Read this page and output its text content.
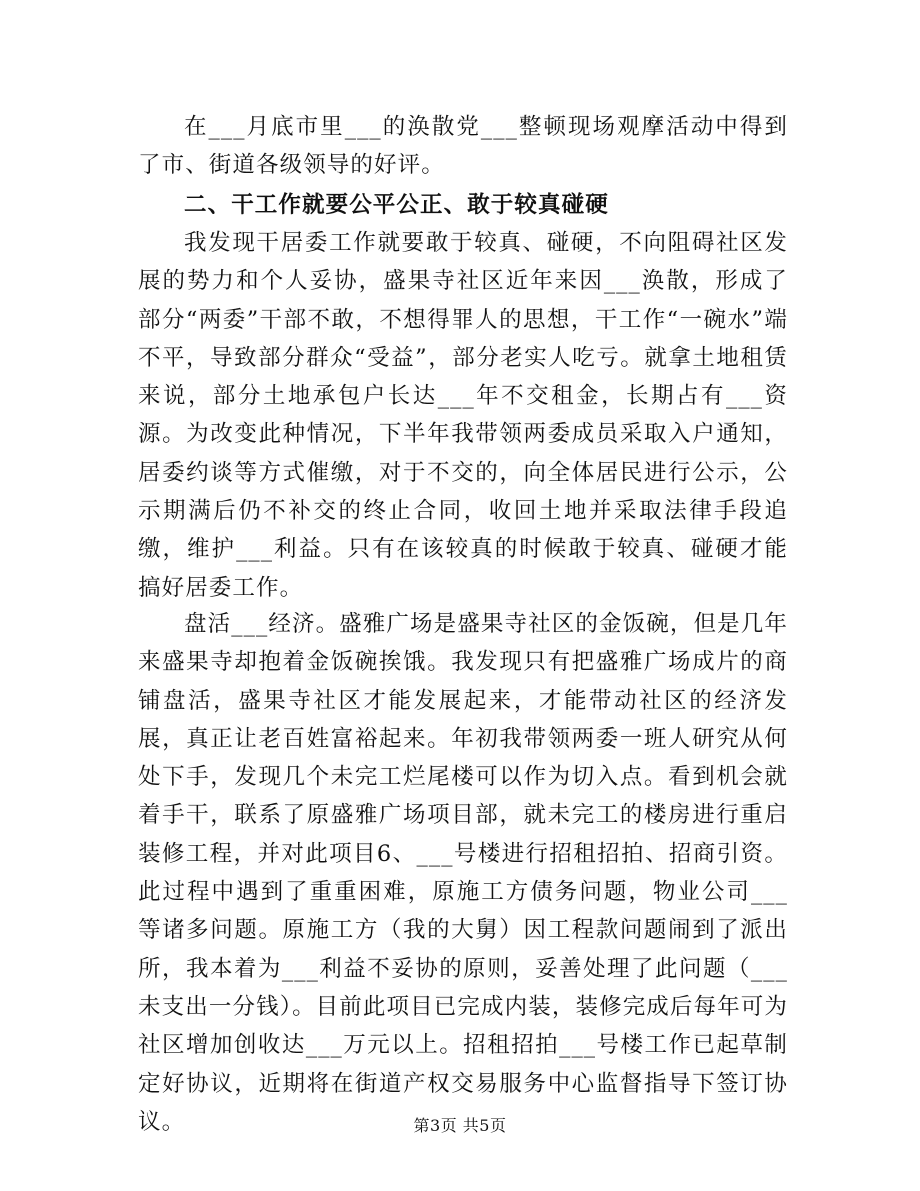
在___月底市里___的涣散党___整顿现场观摩活动中得到了市、街道各级领导的好评。

二、干工作就要公平公正、敢于较真碰硬

我发现干居委工作就要敢于较真、碰硬，不向阻碍社区发展的势力和个人妥协，盛果寺社区近年来因___涣散，形成了部分“两委”干部不敢，不想得罪人的思想，干工作“一碗水”端不平，导致部分群众“受益”，部分老实人吃亏。就拿土地租赁来说，部分土地承包户长达___年不交租金，长期占有___资源。为改变此种情况，下半年我带领两委成员采取入户通知，居委约谈等方式催缴，对于不交的，向全体居民进行公示，公示期满后仍不补交的终止合同，收回土地并采取法律手段追缴，维护___利益。只有在该较真的时候敢于较真、碰硬才能搞好居委工作。

盘活___经济。盛雅广场是盛果寺社区的金饭碗，但是几年来盛果寺却抱着金饭碗挨饿。我发现只有把盛雅广场成片的商铺盘活，盛果寺社区才能发展起来，才能带动社区的经济发展，真正让老百姓富裕起来。年初我带领两委一班人研究从何处下手，发现几个未完工烂尾楼可以作为切入点。看到机会就着手干，联系了原盛雅广场项目部，就未完工的楼房进行重启装修工程，并对此项目6、___号楼进行招租招拍、招商引资。此过程中遇到了重重困难，原施工方债务问题，物业公司___等诸多问题。原施工方（我的大舅）因工程款问题闹到了派出所，我本着为___利益不妥协的原则，妥善处理了此问题（___未支出一分钱）。目前此项目已完成内装，装修完成后每年可为社区增加创收达___万元以上。招租招拍___号楼工作已起草制定好协议，近期将在街道产权交易服务中心监督指导下签订协议。	第3页 共5页
